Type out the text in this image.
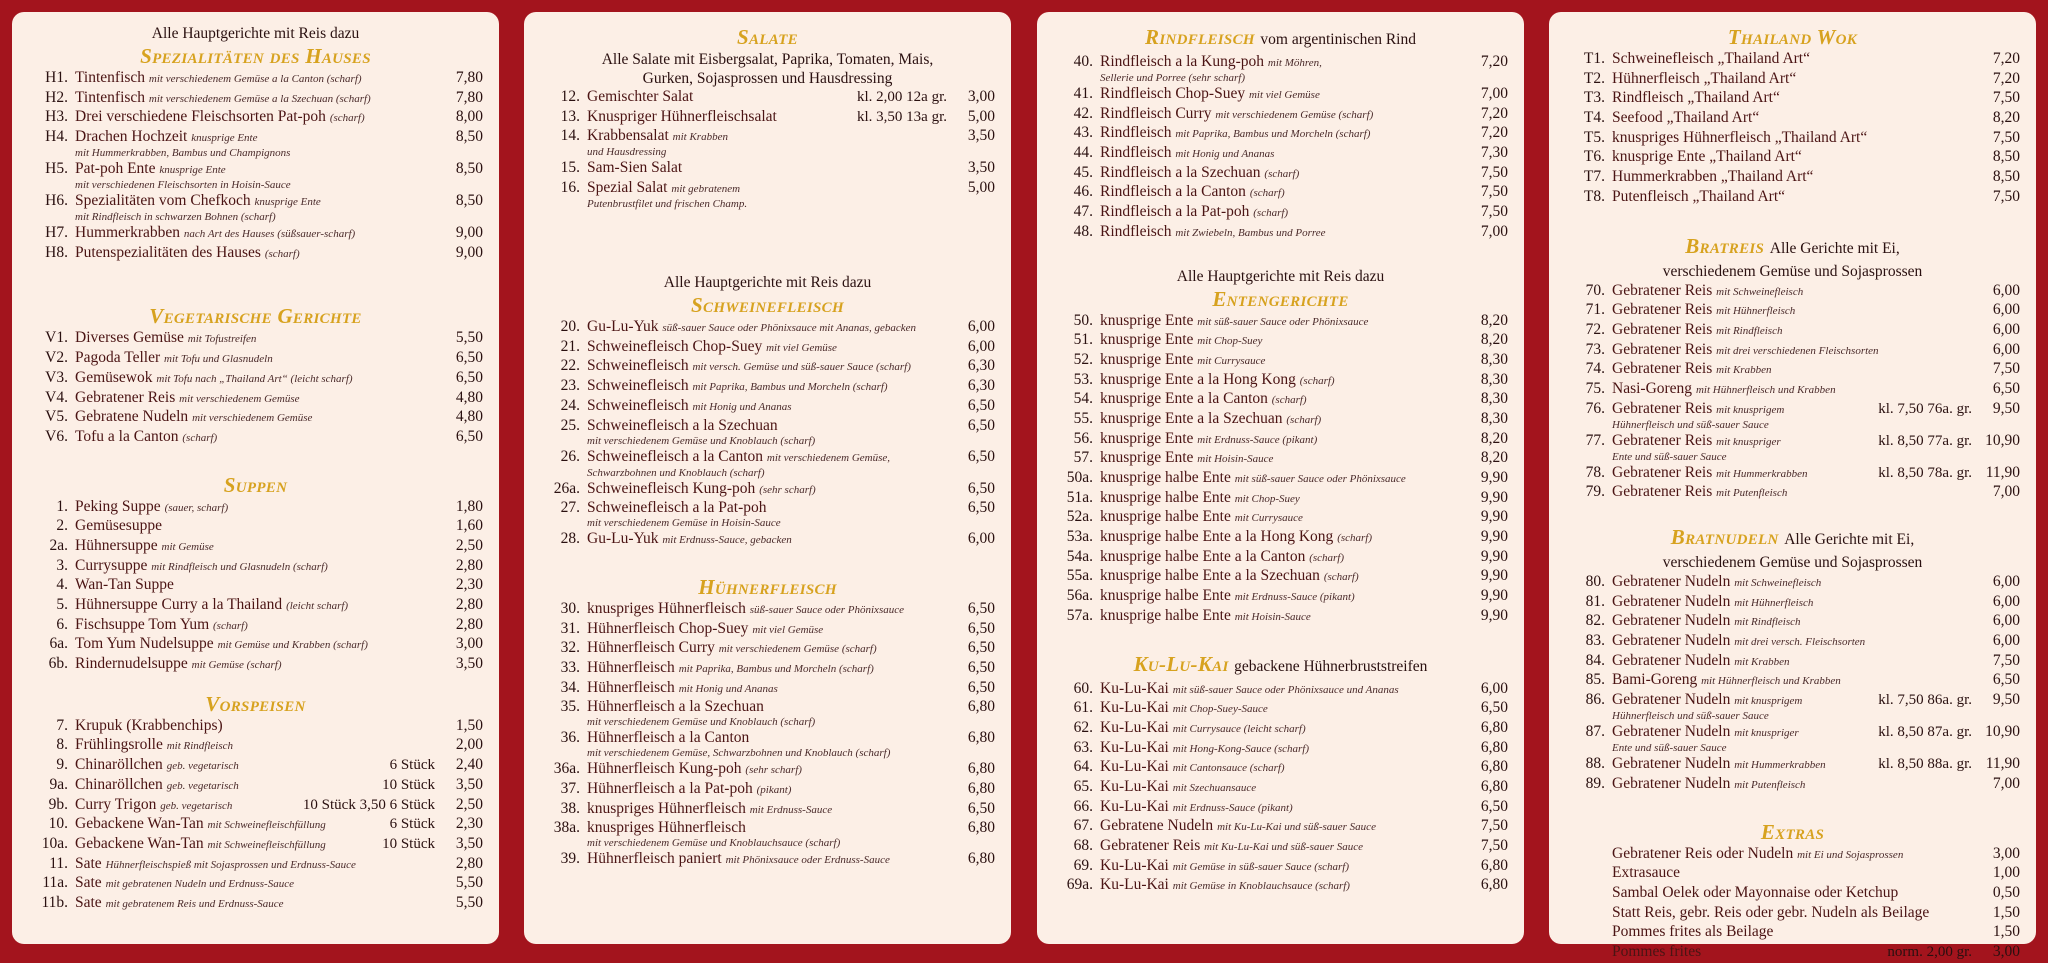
Alle Hauptgerichte mit Reis dazu
Spezialitäten des Hauses
H1. Tintenfisch mit verschiedenem Gemüse a la Canton (scharf)	7,80
H2. Tintenfisch mit verschiedenem Gemüse a la Szechuan (scharf)	7,80
H3. Drei verschiedene Fleischsorten Pat-poh (scharf)	8,00
H4. Drachen Hochzeit knusprige Ente
mit Hummerkrabben, Bambus und Champignons
8,50
H5. Pat-poh Ente knusprige Ente
mit verschiedenen Fleischsorten in Hoisin-Sauce
8,50
H6. Spezialitäten vom Chefkoch knusprige Ente
mit Rindfleisch in schwarzen Bohnen (scharf)
8,50
H7. Hummerkrabben nach Art des Hauses (süßsauer-scharf)	9,00
H8. Putenspezialitäten des Hauses (scharf)	9,00
Vegetarische Gerichte
V1. Diverses Gemüse mit Tofustreifen	5,50
V2. Pagoda Teller mit Tofu und Glasnudeln	6,50
V3. Gemüsewok mit Tofu nach „Thailand Art“ (leicht scharf)	6,50
V4. Gebratener Reis mit verschiedenem Gemüse	4,80
V5. Gebratene Nudeln mit verschiedenem Gemüse	4,80
V6. Tofu a la Canton (scharf)	6,50
Suppen
1. Peking Suppe (sauer, scharf)	1,80
2. Gemüsesuppe	1,60
2a. Hühnersuppe mit Gemüse	2,50
3. Currysuppe mit Rindfleisch und Glasnudeln (scharf)	2,80
4. Wan-Tan Suppe	2,30
5. Hühnersuppe Curry a la Thailand (leicht scharf)	2,80
6. Fischsuppe Tom Yum (scharf)	2,80
6a. Tom Yum Nudelsuppe mit Gemüse und Krabben (scharf)	3,00
6b. Rindernudelsuppe mit Gemüse (scharf)	3,50
Vorspeisen
7. Krupuk (Krabbenchips)	1,50
8. Frühlingsrolle mit Rindfleisch	2,00
9. Chinaröllchen geb. vegetarisch	6 Stück	2,40
9a. Chinaröllchen geb. vegetarisch	10 Stück	3,50
9b. Curry Trigon geb. vegetarisch	10 Stück 3,50 6 Stück	2,50
10. Gebackene Wan-Tan mit Schweinefleischfüllung	6 Stück	2,30
10a. Gebackene Wan-Tan mit Schweinefleischfüllung	10 Stück	3,50
11. Sate Hühnerfleischspieß mit Sojasprossen und Erdnuss-Sauce	2,80
11a. Sate mit gebratenen Nudeln und Erdnuss-Sauce	5,50
11b. Sate mit gebratenem Reis und Erdnuss-Sauce	5,50
Salate
Alle Salate mit Eisbergsalat, Paprika, Tomaten, Mais, Gurken, Sojasprossen und Hausdressing
12. Gemischter Salat	kl. 2,00 12a gr.	3,00
13. Knuspriger Hühnerfleischsalat	kl. 3,50 13a gr.	5,00
14. Krabbensalat mit Krabben
und Hausdressing
3,50
15. Sam-Sien Salat	3,50
16. Spezial Salat mit gebratenem
Putenbrustfilet und frischen Champ.
5,00
Alle Hauptgerichte mit Reis dazu
Schweinefleisch
20. Gu-Lu-Yuk süß-sauer Sauce oder Phönixsauce mit Ananas, gebacken	6,00
21. Schweinefleisch Chop-Suey mit viel Gemüse	6,00
22. Schweinefleisch mit versch. Gemüse und süß-sauer Sauce (scharf)	6,30
23. Schweinefleisch mit Paprika, Bambus und Morcheln (scharf)	6,30
24. Schweinefleisch mit Honig und Ananas	6,50
25. Schweinefleisch a la Szechuan
mit verschiedenem Gemüse und Knoblauch (scharf)
6,50
26. Schweinefleisch a la Canton mit verschiedenem Gemüse,
Schwarzbohnen und Knoblauch (scharf)
6,50
26a. Schweinefleisch Kung-poh (sehr scharf)	6,50
27. Schweinefleisch a la Pat-poh
mit verschiedenem Gemüse in Hoisin-Sauce
6,50
28. Gu-Lu-Yuk mit Erdnuss-Sauce, gebacken	6,00
Hühnerfleisch
30. knuspriges Hühnerfleisch süß-sauer Sauce oder Phönixsauce	6,50
31. Hühnerfleisch Chop-Suey mit viel Gemüse	6,50
32. Hühnerfleisch Curry mit verschiedenem Gemüse (scharf)	6,50
33. Hühnerfleisch mit Paprika, Bambus und Morcheln (scharf)	6,50
34. Hühnerfleisch mit Honig und Ananas	6,50
35. Hühnerfleisch a la Szechuan
mit verschiedenem Gemüse und Knoblauch (scharf)
6,80
36. Hühnerfleisch a la Canton
mit verschiedenem Gemüse, Schwarzbohnen und Knoblauch (scharf)
6,80
36a. Hühnerfleisch Kung-poh (sehr scharf)	6,80
37. Hühnerfleisch a la Pat-poh (pikant)	6,80
38. knuspriges Hühnerfleisch mit Erdnuss-Sauce	6,50
38a. knuspriges Hühnerfleisch
mit verschiedenem Gemüse und Knoblauchsauce (scharf)
6,80
39. Hühnerfleisch paniert mit Phönixsauce oder Erdnuss-Sauce	6,80
Rindfleisch vom argentinischen Rind
40. Rindfleisch a la Kung-poh mit Möhren,
Sellerie und Porree (sehr scharf)
7,20
41. Rindfleisch Chop-Suey mit viel Gemüse	7,00
42. Rindfleisch Curry mit verschiedenem Gemüse (scharf)	7,20
43. Rindfleisch mit Paprika, Bambus und Morcheln (scharf)	7,20
44. Rindfleisch mit Honig und Ananas	7,30
45. Rindfleisch a la Szechuan (scharf)	7,50
46. Rindfleisch a la Canton (scharf)	7,50
47. Rindfleisch a la Pat-poh (scharf)	7,50
48. Rindfleisch mit Zwiebeln, Bambus und Porree	7,00
Alle Hauptgerichte mit Reis dazu
Entengerichte
50. knusprige Ente mit süß-sauer Sauce oder Phönixsauce	8,20
51. knusprige Ente mit Chop-Suey	8,20
52. knusprige Ente mit Currysauce	8,30
53. knusprige Ente a la Hong Kong (scharf)	8,30
54. knusprige Ente a la Canton (scharf)	8,30
55. knusprige Ente a la Szechuan (scharf)	8,30
56. knusprige Ente mit Erdnuss-Sauce (pikant)	8,20
57. knusprige Ente mit Hoisin-Sauce	8,20
50a. knusprige halbe Ente mit süß-sauer Sauce oder Phönixsauce	9,90
51a. knusprige halbe Ente mit Chop-Suey	9,90
52a. knusprige halbe Ente mit Currysauce	9,90
53a. knusprige halbe Ente a la Hong Kong (scharf)	9,90
54a. knusprige halbe Ente a la Canton (scharf)	9,90
55a. knusprige halbe Ente a la Szechuan (scharf)	9,90
56a. knusprige halbe Ente mit Erdnuss-Sauce (pikant)	9,90
57a. knusprige halbe Ente mit Hoisin-Sauce	9,90
Ku-Lu-Kai gebackene Hühnerbruststreifen
60. Ku-Lu-Kai mit süß-sauer Sauce oder Phönixsauce und Ananas	6,00
61. Ku-Lu-Kai mit Chop-Suey-Sauce	6,50
62. Ku-Lu-Kai mit Currysauce (leicht scharf)	6,80
63. Ku-Lu-Kai mit Hong-Kong-Sauce (scharf)	6,80
64. Ku-Lu-Kai mit Cantonsauce (scharf)	6,80
65. Ku-Lu-Kai mit Szechuansauce	6,80
66. Ku-Lu-Kai mit Erdnuss-Sauce (pikant)	6,50
67. Gebratene Nudeln mit Ku-Lu-Kai und süß-sauer Sauce	7,50
68. Gebratener Reis mit Ku-Lu-Kai und süß-sauer Sauce	7,50
69. Ku-Lu-Kai mit Gemüse in süß-sauer Sauce (scharf)	6,80
69a. Ku-Lu-Kai mit Gemüse in Knoblauchsauce (scharf)	6,80
Thailand Wok
T1. Schweinefleisch „Thailand Art“	7,20
T2. Hühnerfleisch „Thailand Art“	7,20
T3. Rindfleisch „Thailand Art“	7,50
T4. Seefood „Thailand Art“	8,20
T5. knuspriges Hühnerfleisch „Thailand Art“	7,50
T6. knusprige Ente „Thailand Art“	8,50
T7. Hummerkrabben „Thailand Art“	8,50
T8. Putenfleisch „Thailand Art“	7,50
Bratreis Alle Gerichte mit Ei,
verschiedenem Gemüse und Sojasprossen
70. Gebratener Reis mit Schweinefleisch	6,00
71. Gebratener Reis mit Hühnerfleisch	6,00
72. Gebratener Reis mit Rindfleisch	6,00
73. Gebratener Reis mit drei verschiedenen Fleischsorten	6,00
74. Gebratener Reis mit Krabben	7,50
75. Nasi-Goreng mit Hühnerfleisch und Krabben	6,50
76. Gebratener Reis mit knusprigem
Hühnerfleisch und süß-sauer Sauce
kl. 7,50 76a. gr.	9,50
77. Gebratener Reis mit knuspriger
Ente und süß-sauer Sauce
kl. 8,50 77a. gr. 10,90
78. Gebratener Reis mit Hummerkrabben	kl. 8,50 78a. gr. 11,90
79. Gebratener Reis mit Putenfleisch	7,00
Bratnudeln Alle Gerichte mit Ei,
verschiedenem Gemüse und Sojasprossen
80. Gebratener Nudeln mit Schweinefleisch	6,00
81. Gebratener Nudeln mit Hühnerfleisch	6,00
82. Gebratener Nudeln mit Rindfleisch	6,00
83. Gebratener Nudeln mit drei versch. Fleischsorten	6,00
84. Gebratener Nudeln mit Krabben	7,50
85. Bami-Goreng mit Hühnerfleisch und Krabben	6,50
86. Gebratener Nudeln mit knusprigem
Hühnerfleisch und süß-sauer Sauce
kl. 7,50 86a. gr.	9,50
87. Gebratener Nudeln mit knuspriger
Ente und süß-sauer Sauce
kl. 8,50 87a. gr. 10,90
88. Gebratener Nudeln mit Hummerkrabben	kl. 8,50 88a. gr. 11,90
89. Gebratener Nudeln mit Putenfleisch	7,00
Extras
Gebratener Reis oder Nudeln mit Ei und Sojasprossen	3,00
Extrasauce	1,00
Sambal Oelek oder Mayonnaise oder Ketchup	0,50
Statt Reis, gebr. Reis oder gebr. Nudeln als Beilage	1,50
Pommes frites als Beilage	1,50
Pommes frites	norm. 2,00 gr.	3,00
